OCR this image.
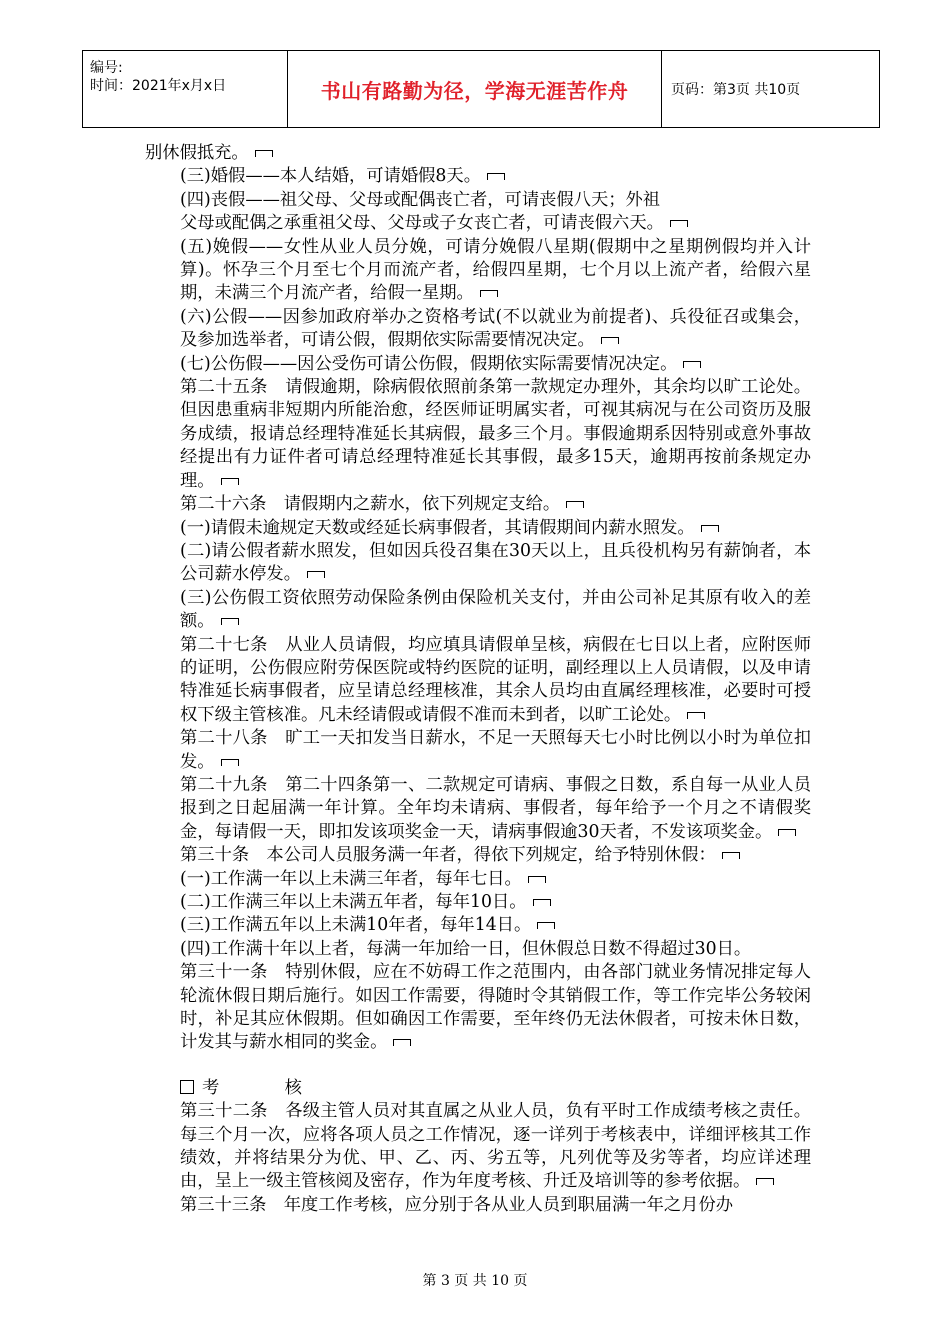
编号:
时间：2021年x月x日	书山有路勤为径，学海无涯苦作舟	页码：第3页 共10页

别休假抵充。

(三)婚假——本人结婚，可请婚假8天。

(四)丧假——祖父母、父母或配偶丧亡者，可请丧假八天；外祖

父母或配偶之承重祖父母、父母或子女丧亡者，可请丧假六天。

(五)娩假——女性从业人员分娩，可请分娩假八星期(假期中之星期例假均并入计算)。怀孕三个月至七个月而流产者，给假四星期，七个月以上流产者，给假六星期，未满三个月流产者，给假一星期。

(六)公假——因参加政府举办之资格考试(不以就业为前提者)、兵役征召或集会，及参加选举者，可请公假，假期依实际需要情况决定。

(七)公伤假——因公受伤可请公伤假，假期依实际需要情况决定。

第二十五条　请假逾期，除病假依照前条第一款规定办理外，其余均以旷工论处。但因患重病非短期内所能治愈，经医师证明属实者，可视其病况与在公司资历及服务成绩，报请总经理特准延长其病假，最多三个月。事假逾期系因特别或意外事故经提出有力证件者可请总经理特准延长其事假，最多15天，逾期再按前条规定办理。

第二十六条　请假期内之薪水，依下列规定支给。

(一)请假未逾规定天数或经延长病事假者，其请假期间内薪水照发。

(二)请公假者薪水照发，但如因兵役召集在30天以上，且兵役机构另有薪饷者，本公司薪水停发。

(三)公伤假工资依照劳动保险条例由保险机关支付，并由公司补足其原有收入的差额。

第二十七条　从业人员请假，均应填具请假单呈核，病假在七日以上者，应附医师的证明，公伤假应附劳保医院或特约医院的证明，副经理以上人员请假，以及申请特准延长病事假者，应呈请总经理核准，其余人员均由直属经理核准，必要时可授权下级主管核准。凡未经请假或请假不准而未到者，以旷工论处。

第二十八条　旷工一天扣发当日薪水，不足一天照每天七小时比例以小时为单位扣发。

第二十九条　第二十四条第一、二款规定可请病、事假之日数，系自每一从业人员报到之日起届满一年计算。全年均未请病、事假者，每年给予一个月之不请假奖金，每请假一天，即扣发该项奖金一天，请病事假逾30天者，不发该项奖金。

第三十条　本公司人员服务满一年者，得依下列规定，给予特别休假：

(一)工作满一年以上未满三年者，每年七日。

(二)工作满三年以上未满五年者，每年10日。

(三)工作满五年以上未满10年者，每年14日。

(四)工作满十年以上者，每满一年加给一日，但休假总日数不得超过30日。

第三十一条　特别休假，应在不妨碍工作之范围内，由各部门就业务情况排定每人轮流休假日期后施行。如因工作需要，得随时令其销假工作，等工作完毕公务较闲时，补足其应休假期。但如确因工作需要，至年终仍无法休假者，可按未休日数，计发其与薪水相同的奖金。

考　核

第三十二条　各级主管人员对其直属之从业人员，负有平时工作成绩考核之责任。每三个月一次，应将各项人员之工作情况，逐一详列于考核表中，详细评核其工作绩效，并将结果分为优、甲、乙、丙、劣五等，凡列优等及劣等者，均应详述理由，呈上一级主管核阅及密存，作为年度考核、升迁及培训等的参考依据。

第三十三条　年度工作考核，应分别于各从业人员到职届满一年之月份办

第 3 页 共 10 页
